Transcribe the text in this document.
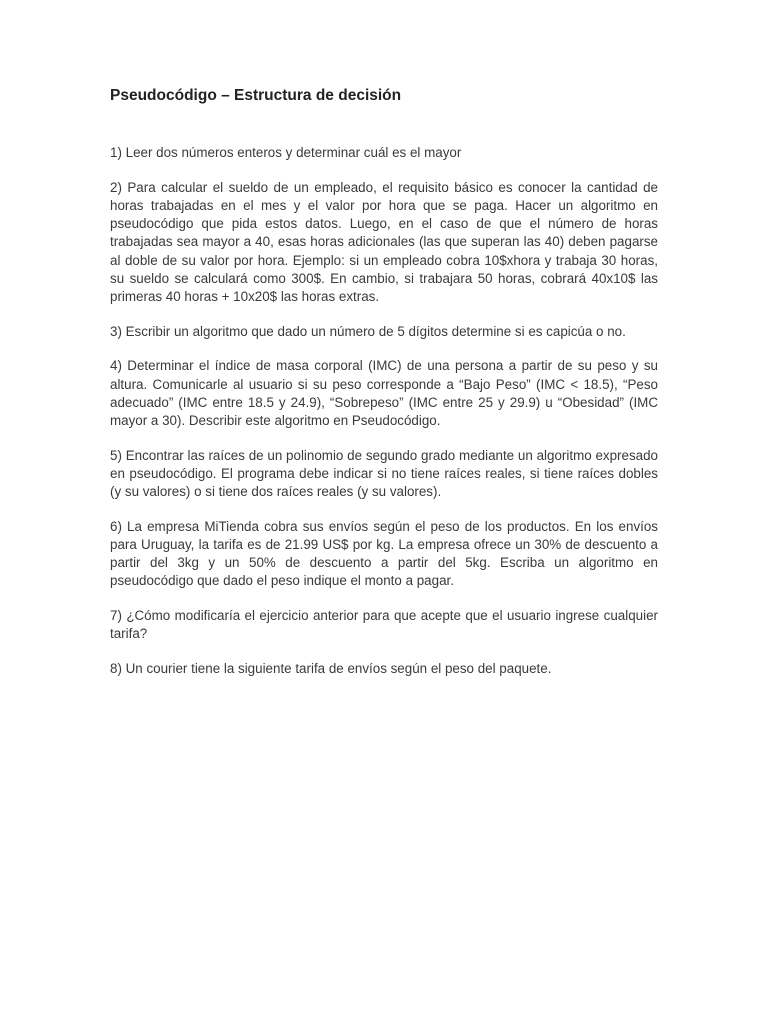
Pseudocódigo – Estructura de decisión

1) Leer dos números enteros y determinar cuál es el mayor

2) Para calcular el sueldo de un empleado, el requisito básico es conocer la cantidad de horas trabajadas en el mes y el valor por hora que se paga. Hacer un algoritmo en pseudocódigo que pida estos datos. Luego, en el caso de que el número de horas trabajadas sea mayor a 40, esas horas adicionales (las que superan las 40) deben pagarse al doble de su valor por hora. Ejemplo: si un empleado cobra 10$xhora y trabaja 30 horas, su sueldo se calculará como 300$. En cambio, si trabajara 50 horas, cobrará 40x10$ las primeras 40 horas + 10x20$ las horas extras.

3) Escribir un algoritmo que dado un número de 5 dígitos determine si es capicúa o no.

4) Determinar el índice de masa corporal (IMC) de una persona a partir de su peso y su altura. Comunicarle al usuario si su peso corresponde a “Bajo Peso” (IMC < 18.5), “Peso adecuado” (IMC entre 18.5 y 24.9), “Sobrepeso” (IMC entre 25 y 29.9) u “Obesidad” (IMC mayor a 30). Describir este algoritmo en Pseudocódigo.

5) Encontrar las raíces de un polinomio de segundo grado mediante un algoritmo expresado en pseudocódigo. El programa debe indicar si no tiene raíces reales, si tiene raíces dobles (y su valores) o si tiene dos raíces reales (y su valores).

6) La empresa MiTienda cobra sus envíos según el peso de los productos. En los envíos para Uruguay, la tarifa es de 21.99 US$ por kg. La empresa ofrece un 30% de descuento a partir del 3kg y un 50% de descuento a partir del 5kg. Escriba un algoritmo en pseudocódigo que dado el peso indique el monto a pagar.

7) ¿Cómo modificaría el ejercicio anterior para que acepte que el usuario ingrese cualquier tarifa?

8) Un courier tiene la siguiente tarifa de envíos según el peso del paquete.
